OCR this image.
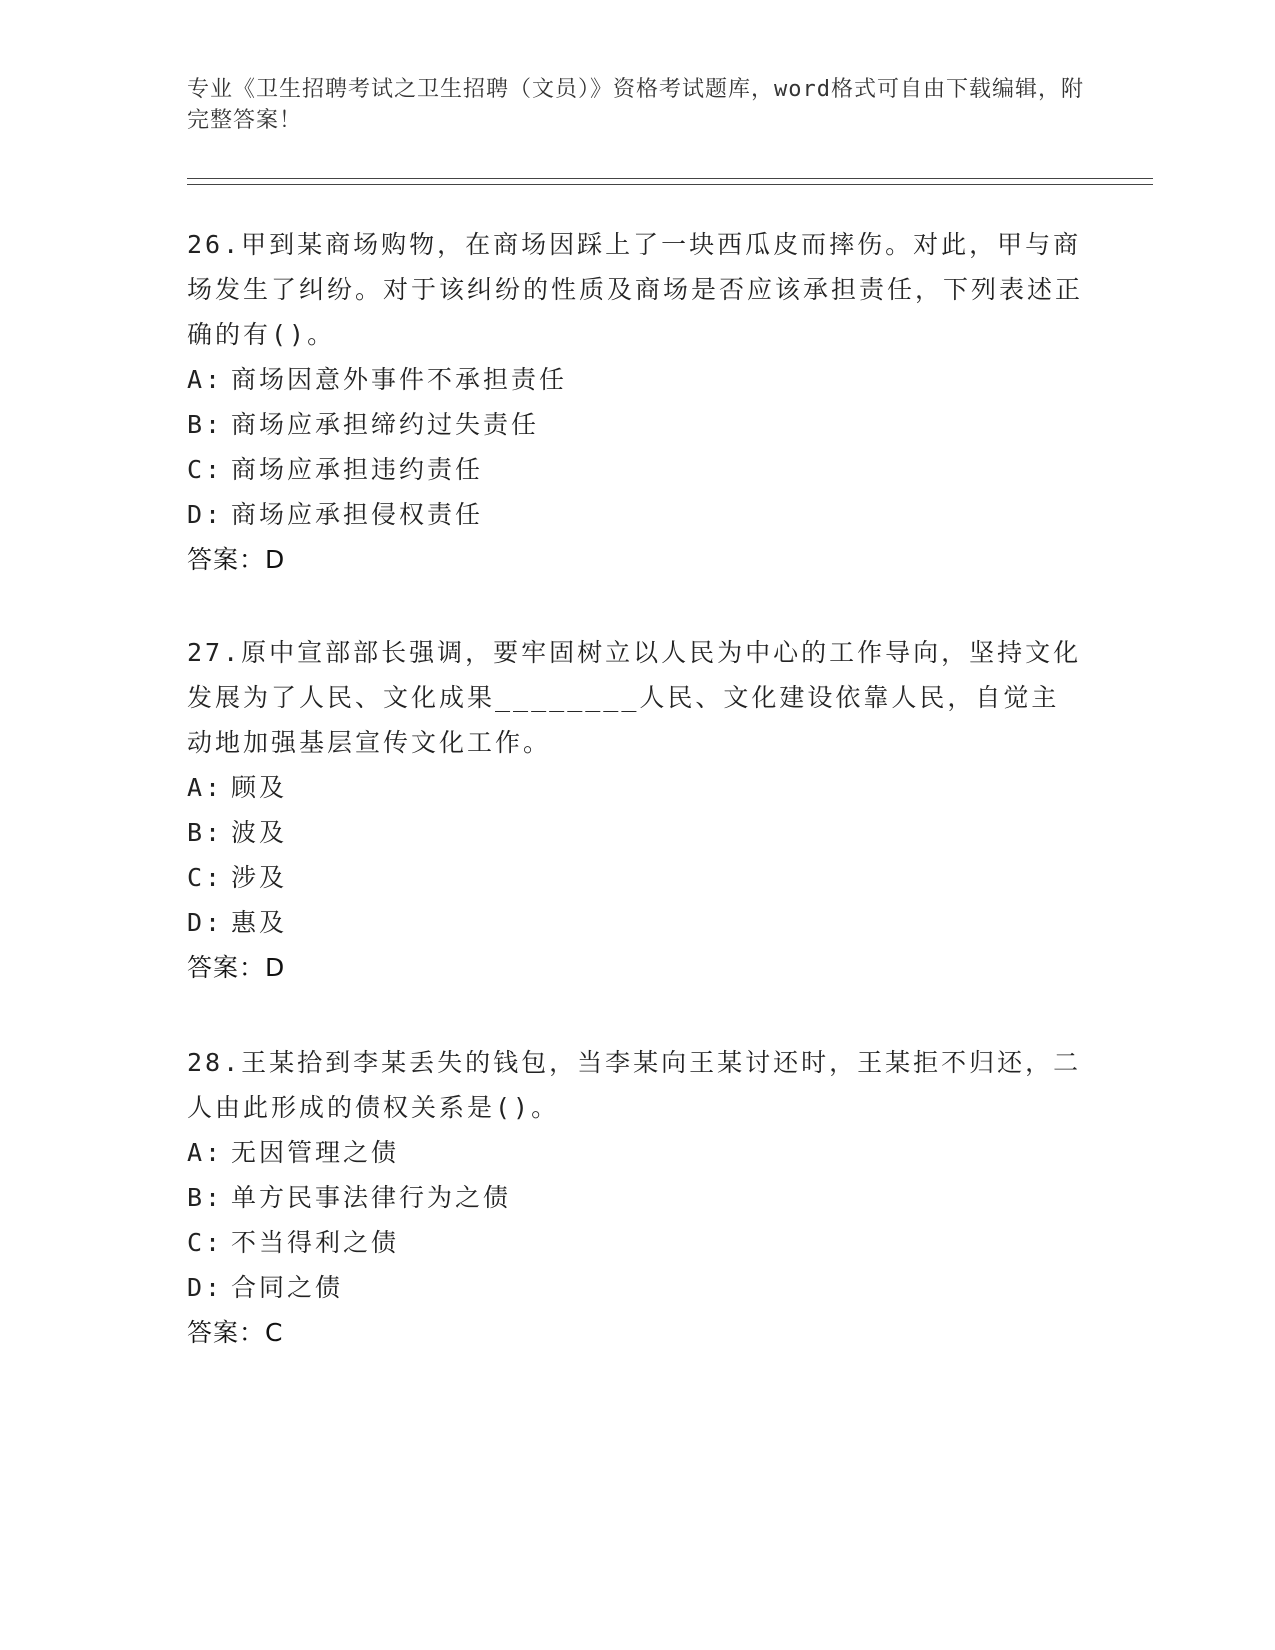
专业《卫生招聘考试之卫生招聘（文员）》资格考试题库，word格式可自由下载编辑，附完整答案！

26.甲到某商场购物，在商场因踩上了一块西瓜皮而摔伤。对此，甲与商场发生了纠纷。对于该纠纷的性质及商场是否应该承担责任，下列表述正确的有()。

A: 商场因意外事件不承担责任

B: 商场应承担缔约过失责任

C: 商场应承担违约责任

D: 商场应承担侵权责任

答案：D

27.原中宣部部长强调，要牢固树立以人民为中心的工作导向，坚持文化发展为了人民、文化成果________人民、文化建设依靠人民，自觉主动地加强基层宣传文化工作。

A: 顾及

B: 波及

C: 涉及

D: 惠及

答案：D

28.王某拾到李某丢失的钱包，当李某向王某讨还时，王某拒不归还，二人由此形成的债权关系是()。

A: 无因管理之债

B: 单方民事法律行为之债

C: 不当得利之债

D: 合同之债

答案：C
